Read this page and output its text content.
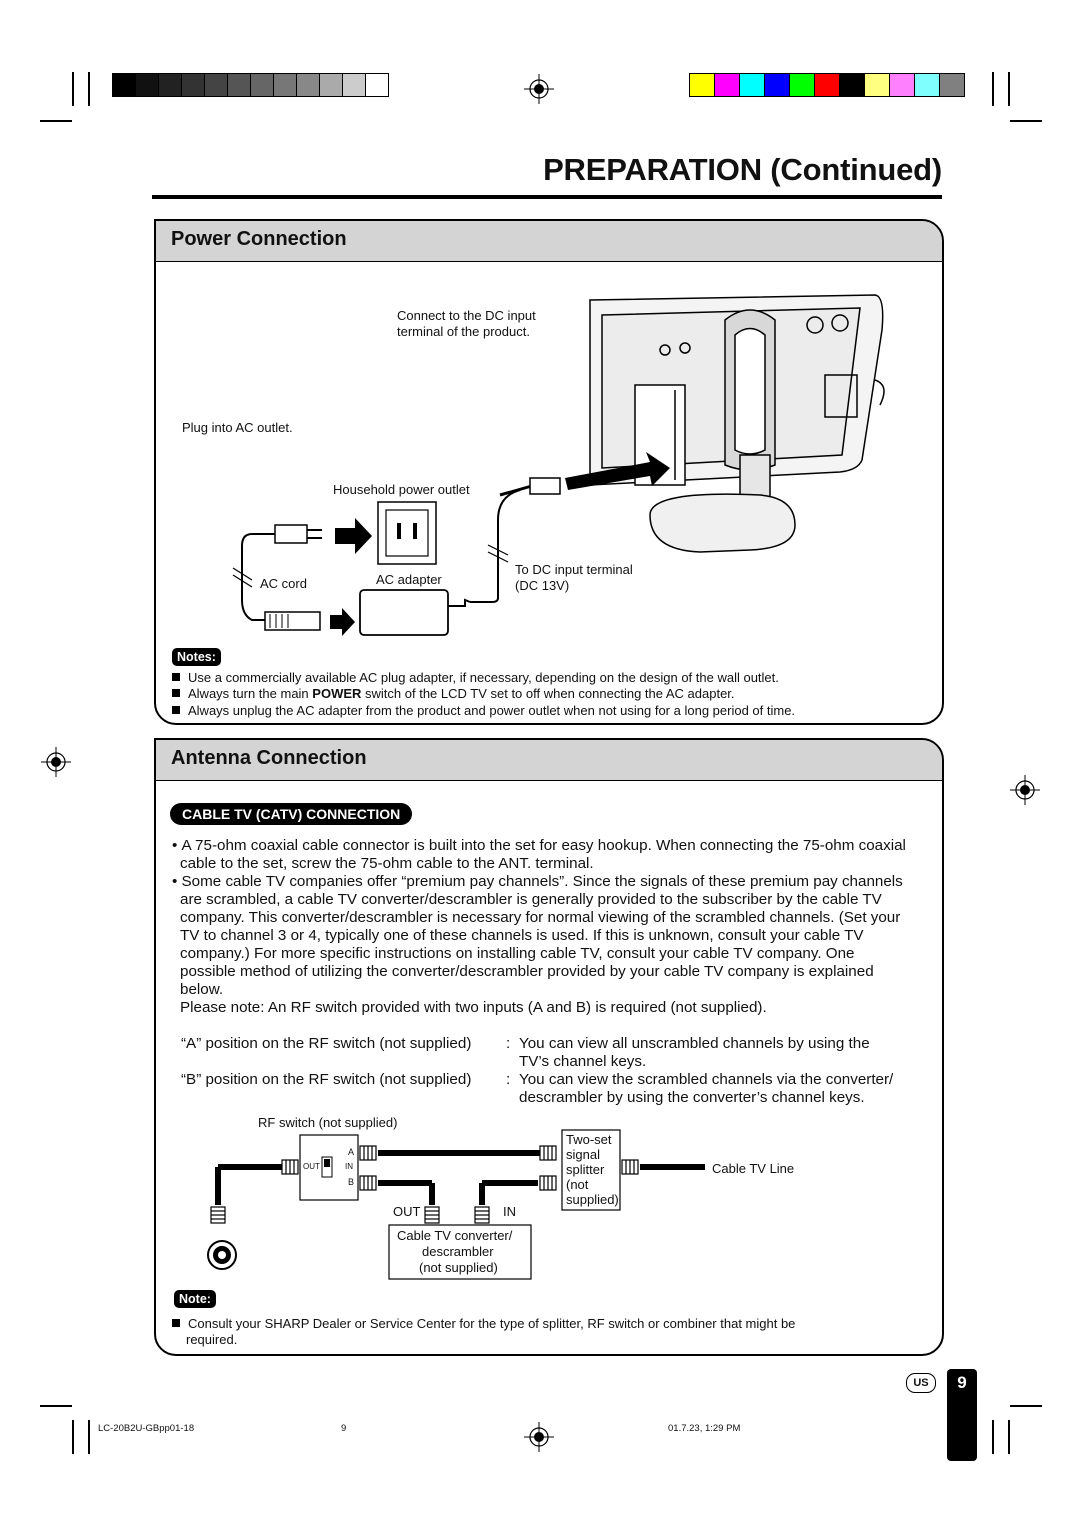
PREPARATION (Continued)
Power Connection
Connect to the DC input
terminal of the product.
Plug into AC outlet.
Household power outlet
AC cord	AC adapter
To DC input terminal
(DC 13V)
Notes:
Use a commercially available AC plug adapter, if necessary, depending on the design of the wall outlet.
Always turn the main POWER switch of the LCD TV set to off when connecting the AC adapter.
Always unplug the AC adapter from the product and power outlet when not using for a long period of time.
Antenna Connection
CABLE TV (CATV) CONNECTION

• A 75-ohm coaxial cable connector is built into the set for easy hookup. When connecting the 75-ohm coaxial cable to the set, screw the 75-ohm cable to the ANT. terminal.

• Some cable TV companies offer “premium pay channels”. Since the signals of these premium pay channels are scrambled, a cable TV converter/descrambler is generally provided to the subscriber by the cable TV company. This converter/descrambler is necessary for normal viewing of the scrambled channels. (Set your TV to channel 3 or 4, typically one of these channels is used. If this is unknown, consult your cable TV company.) For more specific instructions on installing cable TV, consult your cable TV company. One possible method of utilizing the converter/descrambler provided by your cable TV company is explained below.

Please note: An RF switch provided with two inputs (A and B) is required (not supplied).

“A” position on the RF switch (not supplied) : You can view all unscrambled channels by using the
TV’s channel keys.
“B” position on the RF switch (not supplied) : You can view the scrambled channels via the converter/
descrambler by using the converter’s channel keys.
RF switch (not supplied)
A
B
OUT	IN
Two-set
signal
splitter
(not
supplied)
Cable TV Line
OUT	IN
Cable TV converter/
descrambler
(not supplied)
Note:
Consult your SHARP Dealer or Service Center for the type of splitter, RF switch or combiner that might be
required.
US	9
LC-20B2U-GBpp01-18	9	01.7.23, 1:29 PM
